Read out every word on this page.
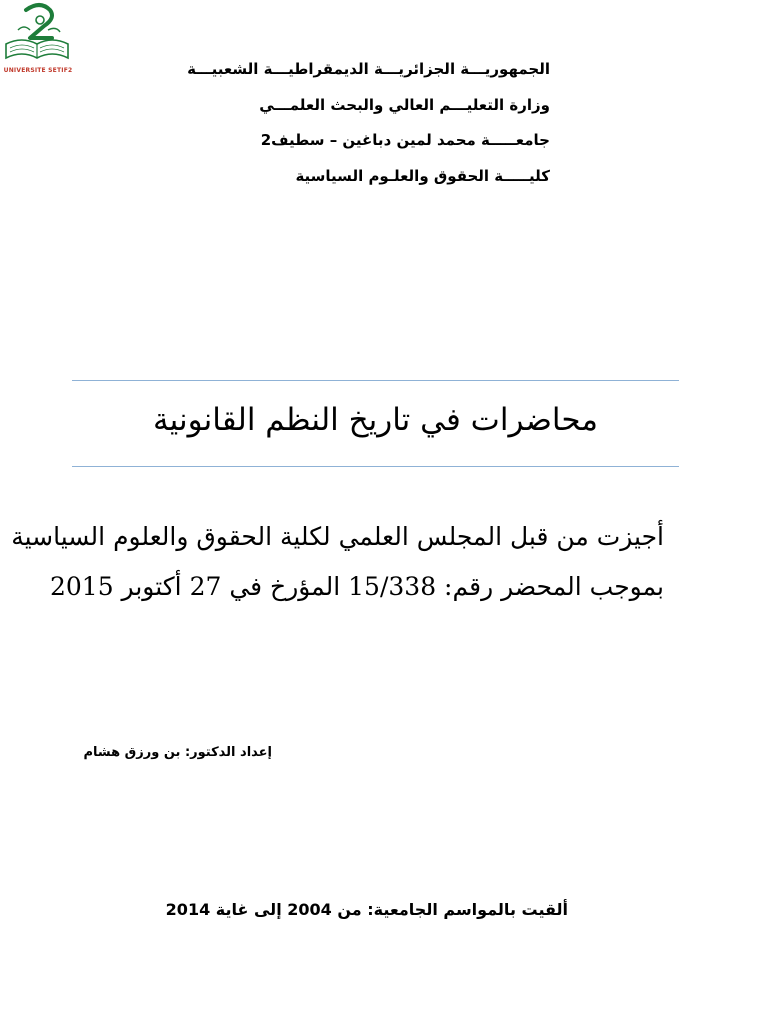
UNIVERSITE SETIF2	الجمهوريـــة الجزائريـــة الديمقراطيـــة الشعبيـــة
وزارة التعليـــم العالي والبحث العلمـــي
جامعـــــة محمد لمين دباغين – سطيف2
كليـــــة الحقوق والعلـوم السياسية
محاضرات في تاريخ النظم القانونية
أجيزت من قبل المجلس العلمي لكلية الحقوق والعلوم السياسية
بموجب المحضر رقم: 15/338 المؤرخ في 27 أكتوبر 2015
إعداد الدكتور: بن ورزق هشام
ألقيت بالمواسم الجامعية: من 2004 إلى غاية 2014
